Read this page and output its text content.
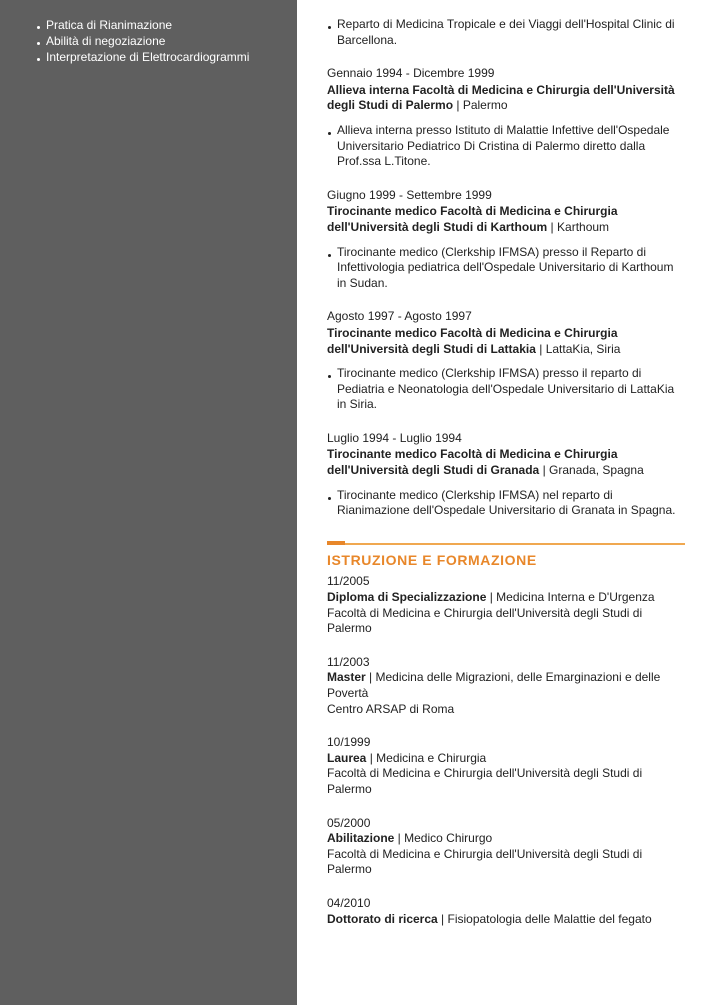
Pratica di Rianimazione
Abilità di negoziazione
Interpretazione di Elettrocardiogrammi
Reparto di Medicina Tropicale e dei Viaggi dell'Hospital Clinic di Barcellona.
Gennaio 1994 - Dicembre 1999
Allieva interna Facoltà di Medicina e Chirurgia dell'Università degli Studi di Palermo | Palermo
Allieva interna presso Istituto di Malattie Infettive dell'Ospedale Universitario Pediatrico Di Cristina di Palermo diretto dalla Prof.ssa L.Titone.
Giugno 1999 - Settembre 1999
Tirocinante medico Facoltà di Medicina e Chirurgia dell'Università degli Studi di Karthoum | Karthoum
Tirocinante medico (Clerkship IFMSA) presso il Reparto di Infettivologia pediatrica dell'Ospedale Universitario di Karthoum in Sudan.
Agosto 1997 - Agosto 1997
Tirocinante medico Facoltà di Medicina e Chirurgia dell'Università degli Studi di Lattakia | LattaKia, Siria
Tirocinante medico (Clerkship IFMSA) presso il reparto di Pediatria e Neonatologia dell'Ospedale Universitario di LattaKia in Siria.
Luglio 1994 - Luglio 1994
Tirocinante medico Facoltà di Medicina e Chirurgia dell'Università degli Studi di Granada | Granada, Spagna
Tirocinante medico (Clerkship IFMSA) nel reparto di Rianimazione dell'Ospedale Universitario di Granata in Spagna.
ISTRUZIONE E FORMAZIONE
11/2005
Diploma di Specializzazione | Medicina Interna e D'Urgenza
Facoltà di Medicina e Chirurgia dell'Università degli Studi di Palermo
11/2003
Master | Medicina delle Migrazioni, delle Emarginazioni e delle Povertà
Centro ARSAP di Roma
10/1999
Laurea | Medicina e Chirurgia
Facoltà di Medicina e Chirurgia dell'Università degli Studi di Palermo
05/2000
Abilitazione | Medico Chirurgo
Facoltà di Medicina e Chirurgia dell'Università degli Studi di Palermo
04/2010
Dottorato di ricerca | Fisiopatologia delle Malattie del fegato
